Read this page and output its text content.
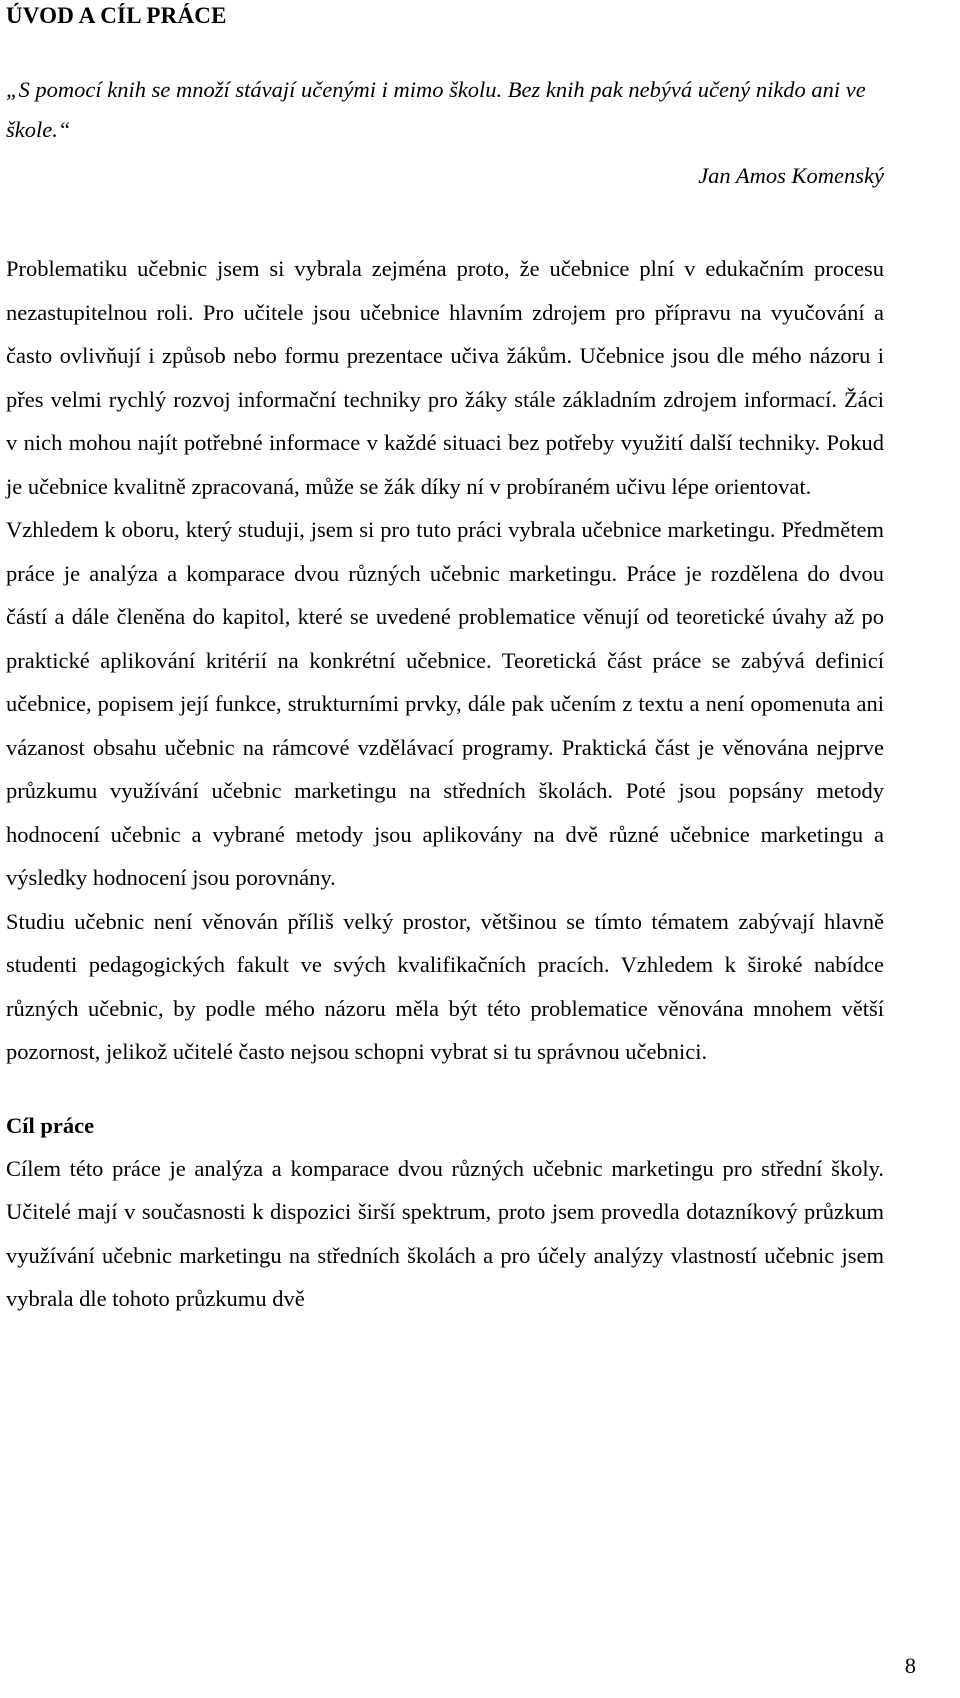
ÚVOD A CÍL PRÁCE

„S pomocí knih se množí stávají učenými i mimo školu. Bez knih pak nebývá učený nikdo ani ve škole.“

Jan Amos Komenský

Problematiku učebnic jsem si vybrala zejména proto, že učebnice plní v edukačním procesu nezastupitelnou roli. Pro učitele jsou učebnice hlavním zdrojem pro přípravu na vyučování a často ovlivňují i způsob nebo formu prezentace učiva žákům. Učebnice jsou dle mého názoru i přes velmi rychlý rozvoj informační techniky pro žáky stále základním zdrojem informací. Žáci v nich mohou najít potřebné informace v každé situaci bez potřeby využití další techniky. Pokud je učebnice kvalitně zpracovaná, může se žák díky ní v probíraném učivu lépe orientovat.

Vzhledem k oboru, který studuji, jsem si pro tuto práci vybrala učebnice marketingu. Předmětem práce je analýza a komparace dvou různých učebnic marketingu. Práce je rozdělena do dvou částí a dále členěna do kapitol, které se uvedené problematice věnují od teoretické úvahy až po praktické aplikování kritérií na konkrétní učebnice. Teoretická část práce se zabývá definicí učebnice, popisem její funkce, strukturními prvky, dále pak učením z textu a není opomenuta ani vázanost obsahu učebnic na rámcové vzdělávací programy. Praktická část je věnována nejprve průzkumu využívání učebnic marketingu na středních školách. Poté jsou popsány metody hodnocení učebnic a vybrané metody jsou aplikovány na dvě různé učebnice marketingu a výsledky hodnocení jsou porovnány.

Studiu učebnic není věnován příliš velký prostor, většinou se tímto tématem zabývají hlavně studenti pedagogických fakult ve svých kvalifikačních pracích. Vzhledem k široké nabídce různých učebnic, by podle mého názoru měla být této problematice věnována mnohem větší pozornost, jelikož učitelé často nejsou schopni vybrat si tu správnou učebnici.

Cíl práce

Cílem této práce je analýza a komparace dvou různých učebnic marketingu pro střední školy. Učitelé mají v současnosti k dispozici širší spektrum, proto jsem provedla dotazníkový průzkum využívání učebnic marketingu na středních školách a pro účely analýzy vlastností učebnic jsem vybrala dle tohoto průzkumu dvě

8
